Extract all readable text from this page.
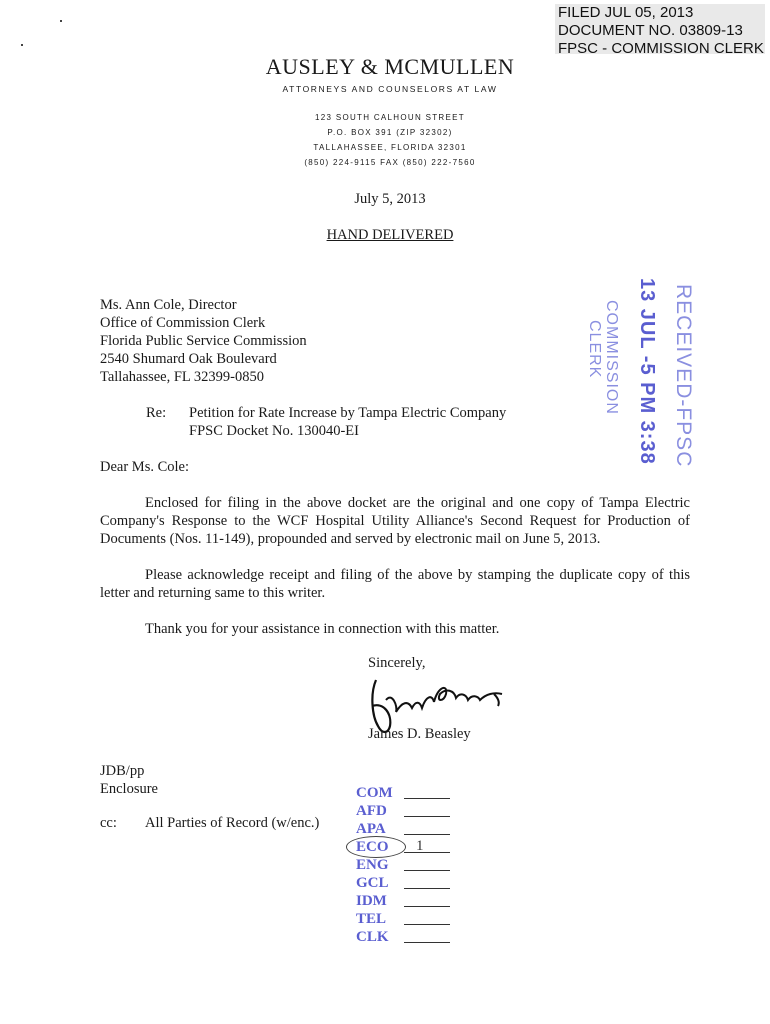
FILED JUL 05, 2013
DOCUMENT NO. 03809-13
FPSC - COMMISSION CLERK
AUSLEY & MCMULLEN
ATTORNEYS AND COUNSELORS AT LAW
123 SOUTH CALHOUN STREET
P.O. BOX 391 (ZIP 32302)
TALLAHASSEE, FLORIDA 32301
(850) 224-9115 FAX (850) 222-7560
July 5, 2013
HAND DELIVERED
Ms. Ann Cole, Director
Office of Commission Clerk
Florida Public Service Commission
2540 Shumard Oak Boulevard
Tallahassee, FL 32399-0850
Re: Petition for Rate Increase by Tampa Electric Company
FPSC Docket No. 130040-EI
Dear Ms. Cole:
Enclosed for filing in the above docket are the original and one copy of Tampa Electric Company's Response to the WCF Hospital Utility Alliance's Second Request for Production of Documents (Nos. 11-149), propounded and served by electronic mail on June 5, 2013.
Please acknowledge receipt and filing of the above by stamping the duplicate copy of this letter and returning same to this writer.
Thank you for your assistance in connection with this matter.
Sincerely,
James D. Beasley
JDB/pp
Enclosure
cc: All Parties of Record (w/enc.)
RECEIVED-FPSC
13 JUL -5 PM 3:38
COMMISSION
CLERK
COM
AFD
APA
ECO 1
ENG
GCL
IDM
TEL
CLK
